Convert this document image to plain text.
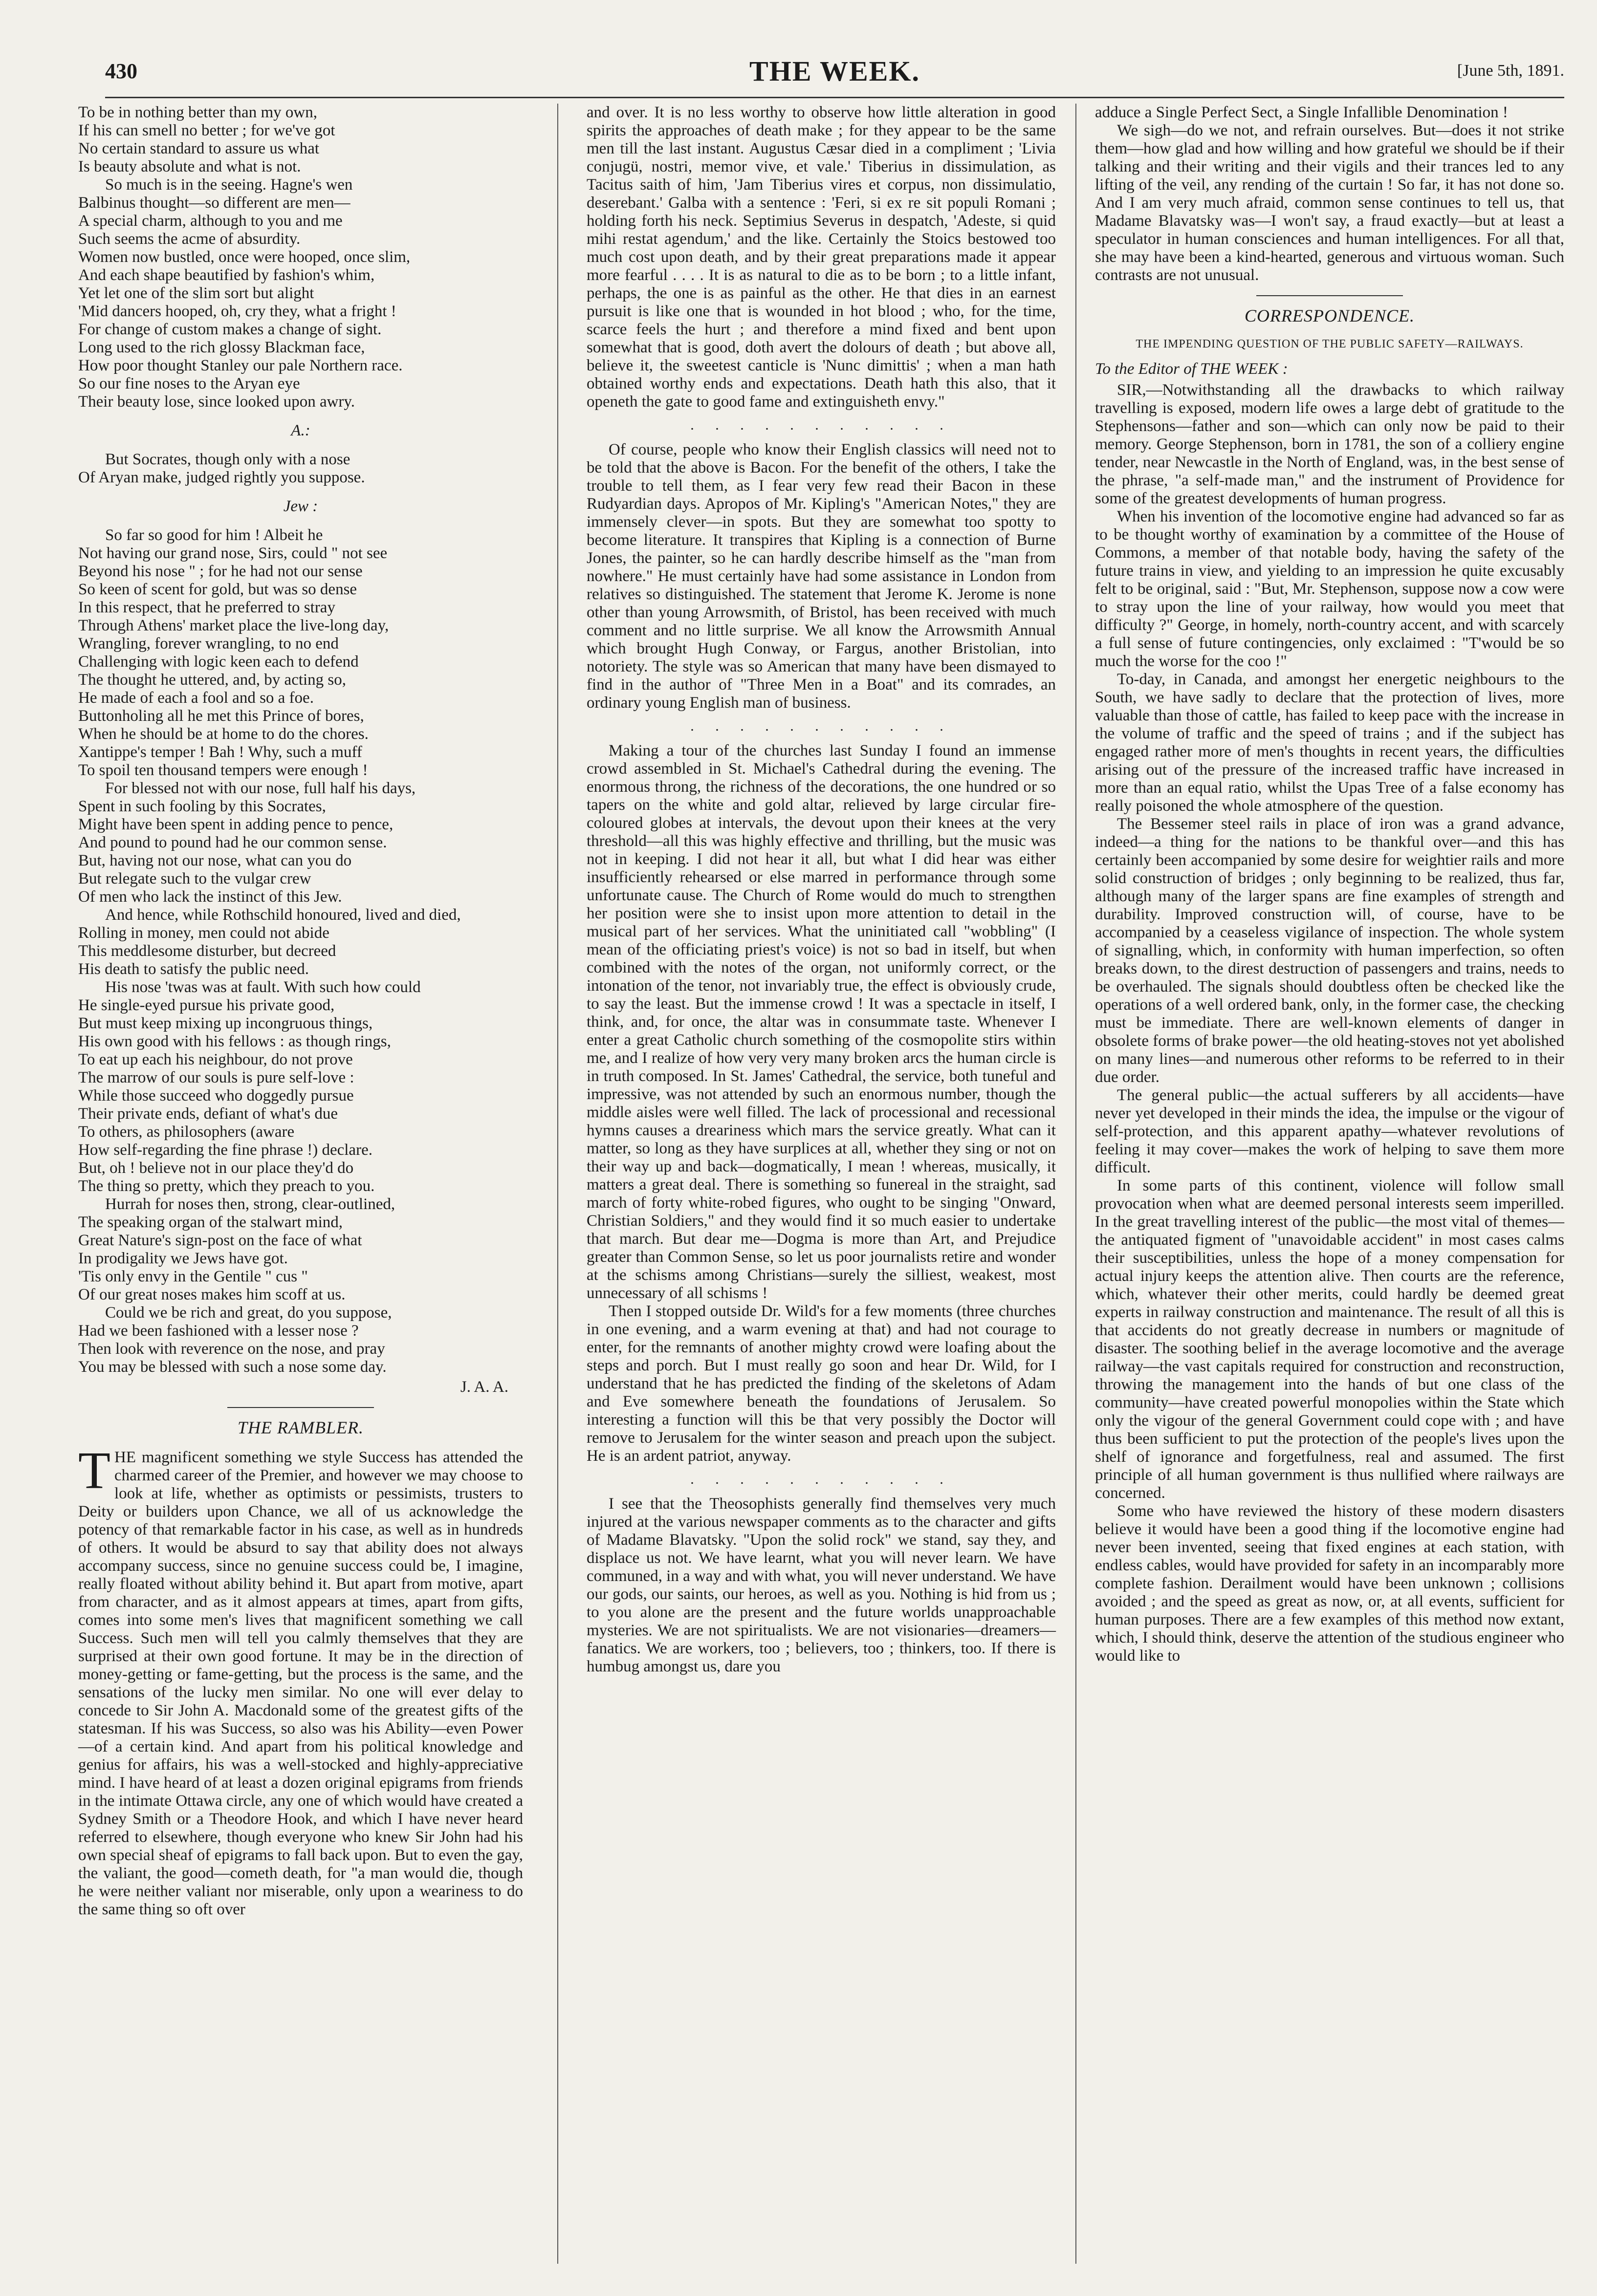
430	THE WEEK.	[June 5th, 1891.
To be in nothing better than my own,
If his can smell no better ; for we've got
No certain standard to assure us what
Is beauty absolute and what is not.
So much is in the seeing. Hagne's wen
Balbinus thought—so different are men—
A special charm, although to you and me
Such seems the acme of absurdity.
Women now bustled, once were hooped, once slim,
And each shape beautified by fashion's whim,
Yet let one of the slim sort but alight
'Mid dancers hooped, oh, cry they, what a fright !
For change of custom makes a change of sight.
Long used to the rich glossy Blackman face,
How poor thought Stanley our pale Northern race.
So our fine noses to the Aryan eye
Their beauty lose, since looked upon awry.
A.:
But Socrates, though only with a nose
Of Aryan make, judged rightly you suppose.
Jew :
So far so good for him ! Albeit he
Not having our grand nose, Sirs, could " not see
Beyond his nose " ; for he had not our sense
So keen of scent for gold, but was so dense
In this respect, that he preferred to stray
Through Athens' market place the live-long day,
Wrangling, forever wrangling, to no end
Challenging with logic keen each to defend
The thought he uttered, and, by acting so,
He made of each a fool and so a foe.
Buttonholing all he met this Prince of bores,
When he should be at home to do the chores.
Xantippe's temper ! Bah ! Why, such a muff
To spoil ten thousand tempers were enough !
For blessed not with our nose, full half his days,
Spent in such fooling by this Socrates,
Might have been spent in adding pence to pence,
And pound to pound had he our common sense.
But, having not our nose, what can you do
But relegate such to the vulgar crew
Of men who lack the instinct of this Jew.
And hence, while Rothschild honoured, lived and died,
Rolling in money, men could not abide
This meddlesome disturber, but decreed
His death to satisfy the public need.
His nose 'twas was at fault. With such how could
He single-eyed pursue his private good,
But must keep mixing up incongruous things,
His own good with his fellows : as though rings,
To eat up each his neighbour, do not prove
The marrow of our souls is pure self-love :
While those succeed who doggedly pursue
Their private ends, defiant of what's due
To others, as philosophers (aware
How self-regarding the fine phrase !) declare.
But, oh ! believe not in our place they'd do
The thing so pretty, which they preach to you.
Hurrah for noses then, strong, clear-outlined,
The speaking organ of the stalwart mind,
Great Nature's sign-post on the face of what
In prodigality we Jews have got.
'Tis only envy in the Gentile " cus "
Of our great noses makes him scoff at us.
Could we be rich and great, do you suppose,
Had we been fashioned with a lesser nose ?
Then look with reverence on the nose, and pray
You may be blessed with such a nose some day.
J. A. A.
THE RAMBLER.

THE magnificent something we style Success has attended the charmed career of the Premier, and however we may choose to look at life, whether as optimists or pessimists, trusters to Deity or builders upon Chance, we all of us acknowledge the potency of that remarkable factor in his case, as well as in hundreds of others. It would be absurd to say that ability does not always accompany success, since no genuine success could be, I imagine, really floated without ability behind it. But apart from motive, apart from character, and as it almost appears at times, apart from gifts, comes into some men's lives that magnificent something we call Success. Such men will tell you calmly themselves that they are surprised at their own good fortune. It may be in the direction of money-getting or fame-getting, but the process is the same, and the sensations of the lucky men similar. No one will ever delay to concede to Sir John A. Macdonald some of the greatest gifts of the statesman. If his was Success, so also was his Ability—even Power—of a certain kind. And apart from his political knowledge and genius for affairs, his was a well-stocked and highly-appreciative mind. I have heard of at least a dozen original epigrams from friends in the intimate Ottawa circle, any one of which would have created a Sydney Smith or a Theodore Hook, and which I have never heard referred to elsewhere, though everyone who knew Sir John had his own special sheaf of epigrams to fall back upon. But to even the gay, the valiant, the good—cometh death, for "a man would die, though he were neither valiant nor miserable, only upon a weariness to do the same thing so oft over

and over. It is no less worthy to observe how little alteration in good spirits the approaches of death make ; for they appear to be the same men till the last instant. Augustus Cæsar died in a compliment ; 'Livia conjugü, nostri, memor vive, et vale.' Tiberius in dissimulation, as Tacitus saith of him, 'Jam Tiberius vires et corpus, non dissimulatio, deserebant.' Galba with a sentence : 'Feri, si ex re sit populi Romani ; holding forth his neck. Septimius Severus in despatch, 'Adeste, si quid mihi restat agendum,' and the like. Certainly the Stoics bestowed too much cost upon death, and by their great preparations made it appear more fearful . . . . It is as natural to die as to be born ; to a little infant, perhaps, the one is as painful as the other. He that dies in an earnest pursuit is like one that is wounded in hot blood ; who, for the time, scarce feels the hurt ; and therefore a mind fixed and bent upon somewhat that is good, doth avert the dolours of death ; but above all, believe it, the sweetest canticle is 'Nunc dimittis' ; when a man hath obtained worthy ends and expectations. Death hath this also, that it openeth the gate to good fame and extinguisheth envy."

. . . . . . . . . . .

Of course, people who know their English classics will need not to be told that the above is Bacon. For the benefit of the others, I take the trouble to tell them, as I fear very few read their Bacon in these Rudyardian days. Apropos of Mr. Kipling's "American Notes," they are immensely clever—in spots. But they are somewhat too spotty to become literature. It transpires that Kipling is a connection of Burne Jones, the painter, so he can hardly describe himself as the "man from nowhere." He must certainly have had some assistance in London from relatives so distinguished. The statement that Jerome K. Jerome is none other than young Arrowsmith, of Bristol, has been received with much comment and no little surprise. We all know the Arrowsmith Annual which brought Hugh Conway, or Fargus, another Bristolian, into notoriety. The style was so American that many have been dismayed to find in the author of "Three Men in a Boat" and its comrades, an ordinary young English man of business.

. . . . . . . . . . .

Making a tour of the churches last Sunday I found an immense crowd assembled in St. Michael's Cathedral during the evening. The enormous throng, the richness of the decorations, the one hundred or so tapers on the white and gold altar, relieved by large circular fire-coloured globes at intervals, the devout upon their knees at the very threshold—all this was highly effective and thrilling, but the music was not in keeping. I did not hear it all, but what I did hear was either insufficiently rehearsed or else marred in performance through some unfortunate cause. The Church of Rome would do much to strengthen her position were she to insist upon more attention to detail in the musical part of her services. What the uninitiated call "wobbling" (I mean of the officiating priest's voice) is not so bad in itself, but when combined with the notes of the organ, not uniformly correct, or the intonation of the tenor, not invariably true, the effect is obviously crude, to say the least. But the immense crowd ! It was a spectacle in itself, I think, and, for once, the altar was in consummate taste. Whenever I enter a great Catholic church something of the cosmopolite stirs within me, and I realize of how very very many broken arcs the human circle is in truth composed. In St. James' Cathedral, the service, both tuneful and impressive, was not attended by such an enormous number, though the middle aisles were well filled. The lack of processional and recessional hymns causes a dreariness which mars the service greatly. What can it matter, so long as they have surplices at all, whether they sing or not on their way up and back—dogmatically, I mean ! whereas, musically, it matters a great deal. There is something so funereal in the straight, sad march of forty white-robed figures, who ought to be singing "Onward, Christian Soldiers," and they would find it so much easier to undertake that march. But dear me—Dogma is more than Art, and Prejudice greater than Common Sense, so let us poor journalists retire and wonder at the schisms among Christians—surely the silliest, weakest, most unnecessary of all schisms !

Then I stopped outside Dr. Wild's for a few moments (three churches in one evening, and a warm evening at that) and had not courage to enter, for the remnants of another mighty crowd were loafing about the steps and porch. But I must really go soon and hear Dr. Wild, for I understand that he has predicted the finding of the skeletons of Adam and Eve somewhere beneath the foundations of Jerusalem. So interesting a function will this be that very possibly the Doctor will remove to Jerusalem for the winter season and preach upon the subject. He is an ardent patriot, anyway.

. . . . . . . . . . .

I see that the Theosophists generally find themselves very much injured at the various newspaper comments as to the character and gifts of Madame Blavatsky. "Upon the solid rock" we stand, say they, and displace us not. We have learnt, what you will never learn. We have communed, in a way and with what, you will never understand. We have our gods, our saints, our heroes, as well as you. Nothing is hid from us ; to you alone are the present and the future worlds unapproachable mysteries. We are not spiritualists. We are not visionaries—dreamers—fanatics. We are workers, too ; believers, too ; thinkers, too. If there is humbug amongst us, dare you

adduce a Single Perfect Sect, a Single Infallible Denomination !

We sigh—do we not, and refrain ourselves. But—does it not strike them—how glad and how willing and how grateful we should be if their talking and their writing and their vigils and their trances led to any lifting of the veil, any rending of the curtain ! So far, it has not done so. And I am very much afraid, common sense continues to tell us, that Madame Blavatsky was—I won't say, a fraud exactly—but at least a speculator in human consciences and human intelligences. For all that, she may have been a kind-hearted, generous and virtuous woman. Such contrasts are not unusual.

CORRESPONDENCE.
THE IMPENDING QUESTION OF THE PUBLIC SAFETY—RAILWAYS.
To the Editor of THE WEEK :

SIR,—Notwithstanding all the drawbacks to which railway travelling is exposed, modern life owes a large debt of gratitude to the Stephensons—father and son—which can only now be paid to their memory. George Stephenson, born in 1781, the son of a colliery engine tender, near Newcastle in the North of England, was, in the best sense of the phrase, "a self-made man," and the instrument of Providence for some of the greatest developments of human progress.

When his invention of the locomotive engine had advanced so far as to be thought worthy of examination by a committee of the House of Commons, a member of that notable body, having the safety of the future trains in view, and yielding to an impression he quite excusably felt to be original, said : "But, Mr. Stephenson, suppose now a cow were to stray upon the line of your railway, how would you meet that difficulty ?" George, in homely, north-country accent, and with scarcely a full sense of future contingencies, only exclaimed : "T'would be so much the worse for the coo !"

To-day, in Canada, and amongst her energetic neighbours to the South, we have sadly to declare that the protection of lives, more valuable than those of cattle, has failed to keep pace with the increase in the volume of traffic and the speed of trains ; and if the subject has engaged rather more of men's thoughts in recent years, the difficulties arising out of the pressure of the increased traffic have increased in more than an equal ratio, whilst the Upas Tree of a false economy has really poisoned the whole atmosphere of the question.

The Bessemer steel rails in place of iron was a grand advance, indeed—a thing for the nations to be thankful over—and this has certainly been accompanied by some desire for weightier rails and more solid construction of bridges ; only beginning to be realized, thus far, although many of the larger spans are fine examples of strength and durability. Improved construction will, of course, have to be accompanied by a ceaseless vigilance of inspection. The whole system of signalling, which, in conformity with human imperfection, so often breaks down, to the direst destruction of passengers and trains, needs to be overhauled. The signals should doubtless often be checked like the operations of a well ordered bank, only, in the former case, the checking must be immediate. There are well-known elements of danger in obsolete forms of brake power—the old heating-stoves not yet abolished on many lines—and numerous other reforms to be referred to in their due order.

The general public—the actual sufferers by all accidents—have never yet developed in their minds the idea, the impulse or the vigour of self-protection, and this apparent apathy—whatever revolutions of feeling it may cover—makes the work of helping to save them more difficult.

In some parts of this continent, violence will follow small provocation when what are deemed personal interests seem imperilled. In the great travelling interest of the public—the most vital of themes—the antiquated figment of "unavoidable accident" in most cases calms their susceptibilities, unless the hope of a money compensation for actual injury keeps the attention alive. Then courts are the reference, which, whatever their other merits, could hardly be deemed great experts in railway construction and maintenance. The result of all this is that accidents do not greatly decrease in numbers or magnitude of disaster. The soothing belief in the average locomotive and the average railway—the vast capitals required for construction and reconstruction, throwing the management into the hands of but one class of the community—have created powerful monopolies within the State which only the vigour of the general Government could cope with ; and have thus been sufficient to put the protection of the people's lives upon the shelf of ignorance and forgetfulness, real and assumed. The first principle of all human government is thus nullified where railways are concerned.

Some who have reviewed the history of these modern disasters believe it would have been a good thing if the locomotive engine had never been invented, seeing that fixed engines at each station, with endless cables, would have provided for safety in an incomparably more complete fashion. Derailment would have been unknown ; collisions avoided ; and the speed as great as now, or, at all events, sufficient for human purposes. There are a few examples of this method now extant, which, I should think, deserve the attention of the studious engineer who would like to
